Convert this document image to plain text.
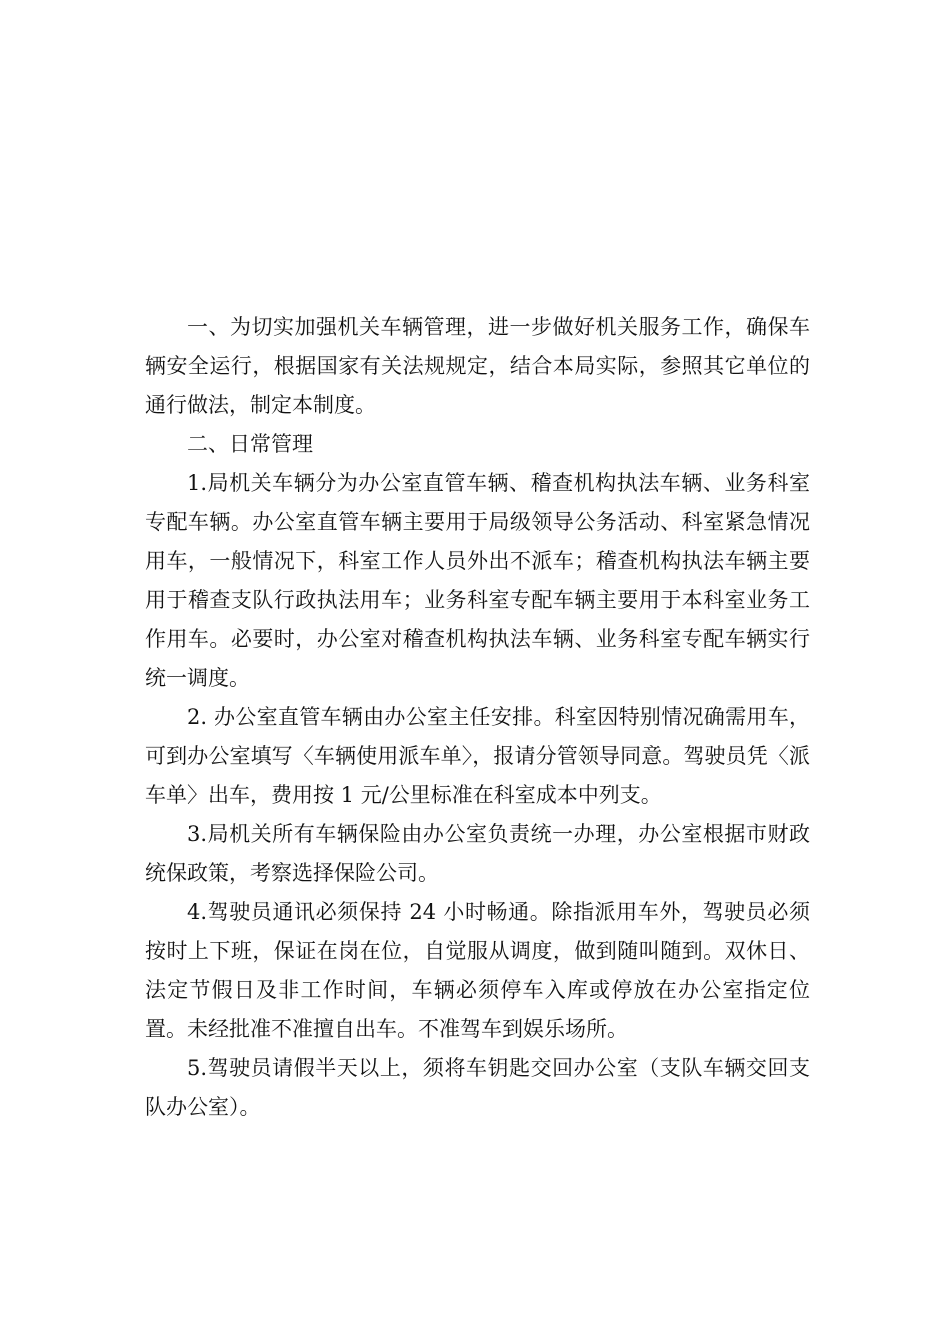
一、为切实加强机关车辆管理，进一步做好机关服务工作，确保车辆安全运行，根据国家有关法规规定，结合本局实际，参照其它单位的通行做法，制定本制度。

二、日常管理

1.局机关车辆分为办公室直管车辆、稽查机构执法车辆、业务科室专配车辆。办公室直管车辆主要用于局级领导公务活动、科室紧急情况用车，一般情况下，科室工作人员外出不派车；稽查机构执法车辆主要用于稽查支队行政执法用车；业务科室专配车辆主要用于本科室业务工作用车。必要时，办公室对稽查机构执法车辆、业务科室专配车辆实行统一调度。

2. 办公室直管车辆由办公室主任安排。科室因特别情况确需用车，可到办公室填写〈车辆使用派车单〉，报请分管领导同意。驾驶员凭〈派车单〉出车，费用按 1 元/公里标准在科室成本中列支。

3.局机关所有车辆保险由办公室负责统一办理，办公室根据市财政统保政策，考察选择保险公司。

4.驾驶员通讯必须保持 24 小时畅通。除指派用车外，驾驶员必须按时上下班，保证在岗在位，自觉服从调度，做到随叫随到。双休日、法定节假日及非工作时间，车辆必须停车入库或停放在办公室指定位置。未经批准不准擅自出车。不准驾车到娱乐场所。

5.驾驶员请假半天以上，须将车钥匙交回办公室（支队车辆交回支队办公室）。
